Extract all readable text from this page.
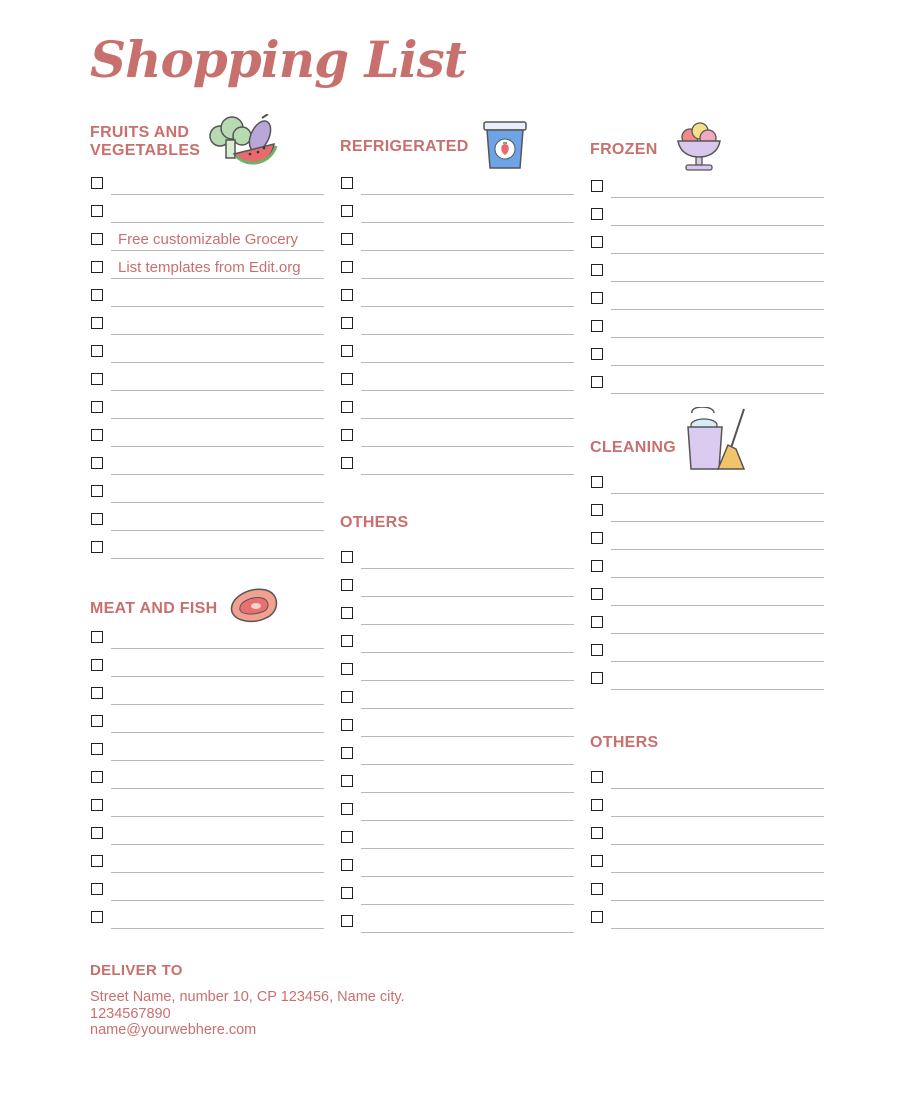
Shopping List
FRUITS AND
VEGETABLES
Free customizable Grocery
List templates from Edit.org
MEAT AND FISH
REFRIGERATED
OTHERS
FROZEN
CLEANING
OTHERS
DELIVER TO
Street Name, number 10, CP 123456, Name city.
1234567890
name@yourwebhere.com
